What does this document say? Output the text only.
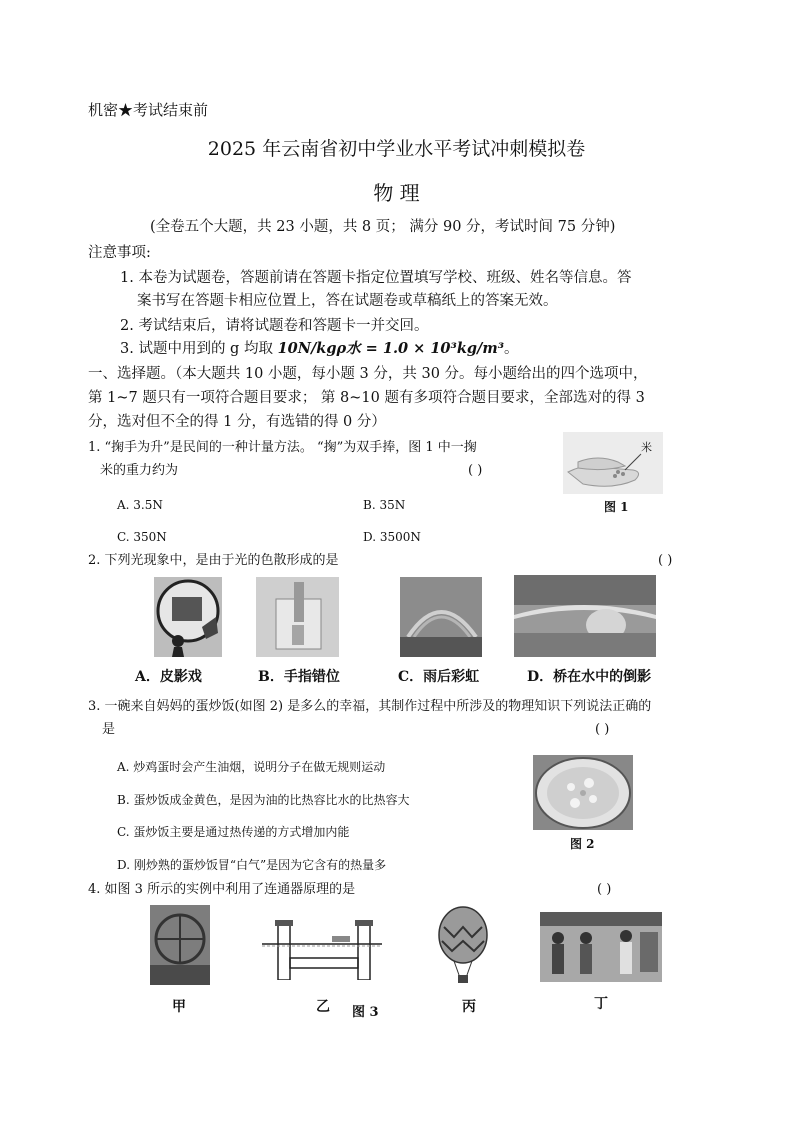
机密★考试结束前
2025 年云南省初中学业水平考试冲刺模拟卷
物 理
(全卷五个大题，共 23 小题，共 8 页； 满分 90 分，考试时间 75 分钟)
注意事项:
1. 本卷为试题卷，答题前请在答题卡指定位置填写学校、班级、姓名等信息。答
案书写在答题卡相应位置上，答在试题卷或草稿纸上的答案无效。
2. 考试结束后，请将试题卷和答题卡一并交回。
3. 试题中用到的 g 均取 10N/kgρ水 = 1.0 × 10³kg/m³。
一、选择题。（本大题共 10 小题，每小题 3 分，共 30 分。每小题给出的四个选项中，
第 1~7 题只有一项符合题目要求； 第 8~10 题有多项符合题目要求，全部选对的得 3
分，选对但不全的得 1 分，有选错的得 0 分）
1. “掬手为升”是民间的一种计量方法。 “掬”为双手捧，图 1 中一掬
米的重力约为	( )
A. 3.5N	B. 35N
C. 350N	D. 3500N
米
图 1
2. 下列光现象中，是由于光的色散形成的是	( )
A．皮影戏	B．手指错位	C．雨后彩虹	D．桥在水中的倒影
3. 一碗来自妈妈的蛋炒饭(如图 2) 是多么的幸福，其制作过程中所涉及的物理知识下列说法正确的
是	( )
A. 炒鸡蛋时会产生油烟，说明分子在做无规则运动
B. 蛋炒饭成金黄色，是因为油的比热容比水的比热容大
C. 蛋炒饭主要是通过热传递的方式增加内能
D. 刚炒熟的蛋炒饭冒“白气”是因为它含有的热量多
图 2
4. 如图 3 所示的实例中利用了连通器原理的是	( )
甲	乙	丙	丁
图 3
